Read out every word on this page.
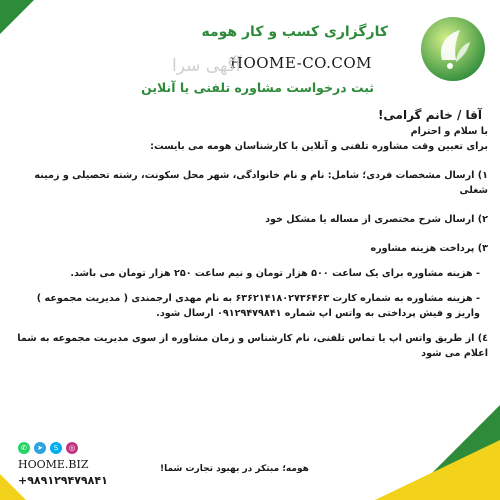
کارگزاری کسب و کار هومه
HOOME-CO.COM
آگهی سرا
ثبت درخواست مشاوره تلفنی یا آنلاین
آقا / خانم گرامی!

با سلام و احترام

برای تعیین وقت مشاوره تلفنی و آنلاین با کارشناسان هومه می بایست:

۱) ارسال مشخصات فردی؛ شامل: نام و نام خانوادگی، شهر محل سکونت، رشته تحصیلی و زمینه شغلی

۲) ارسال شرح مختصری از مساله یا مشکل خود

۳) پرداخت هزینه مشاوره

- هزینه مشاوره برای یک ساعت ۵۰۰ هزار تومان و نیم ساعت ۲۵۰ هزار تومان می باشد.

- هزینه مشاوره به شماره کارت ۶۳۶۲۱۴۱۸۰۲۷۳۶۴۶۳ به نام مهدی ارجمندی ( مدیریت مجموعه )

واریز و فیش پرداختی به واتس اپ شماره ۰۹۱۲۹۴۷۹۸۴۱ ارسال شود.

٤) از طریق واتس اپ یا تماس تلفنی، نام کارشناس و زمان مشاوره از سوی مدیریت مجموعه به شما

اعلام می شود

✆	➤	S	◎
HOOME.BIZ
+۹۸۹۱۲۹۴۷۹۸۴۱
هومه؛ مبتکر در بهبود تجارت شما!
